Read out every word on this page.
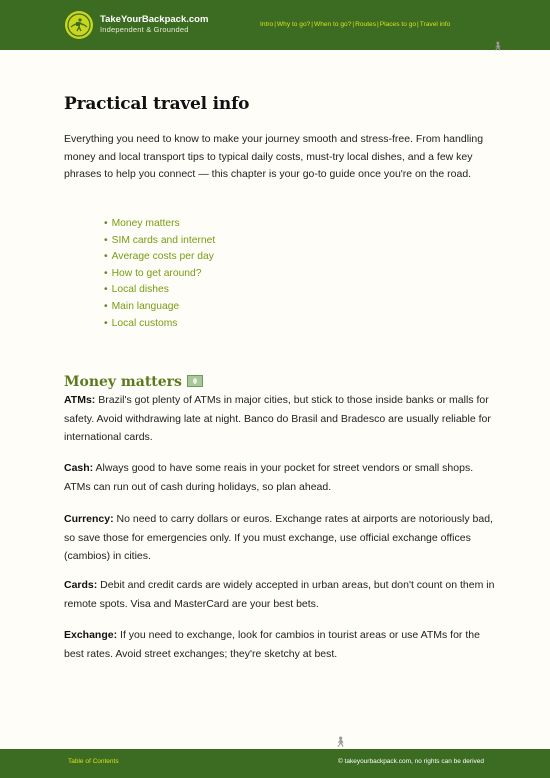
TakeYourBackpack.com
Independent & Grounded
Intro | Why to go? | When to go? | Routes | Places to go | Travel info
🚶︎
Practical travel info

Everything you need to know to make your journey smooth and stress-free. From handling money and local transport tips to typical daily costs, must-try local dishes, and a few key phrases to help you connect — this chapter is your go-to guide once you're on the road.

• Money matters
• SIM cards and internet
• Average costs per day
• How to get around?
• Local dishes
• Main language
• Local customs
Money matters

ATMs: Brazil's got plenty of ATMs in major cities, but stick to those inside banks or malls for safety. Avoid withdrawing late at night. Banco do Brasil and Bradesco are usually reliable for international cards.

Cash: Always good to have some reais in your pocket for street vendors or small shops. ATMs can run out of cash during holidays, so plan ahead.

Currency: No need to carry dollars or euros. Exchange rates at airports are notoriously bad, so save those for emergencies only. If you must exchange, use official exchange offices (cambios) in cities.

Cards: Debit and credit cards are widely accepted in urban areas, but don't count on them in remote spots. Visa and MasterCard are your best bets.

Exchange: If you need to exchange, look for cambios in tourist areas or use ATMs for the best rates. Avoid street exchanges; they're sketchy at best.

🚶︎
Table of Contents	© takeyourbackpack.com, no rights can be derived
